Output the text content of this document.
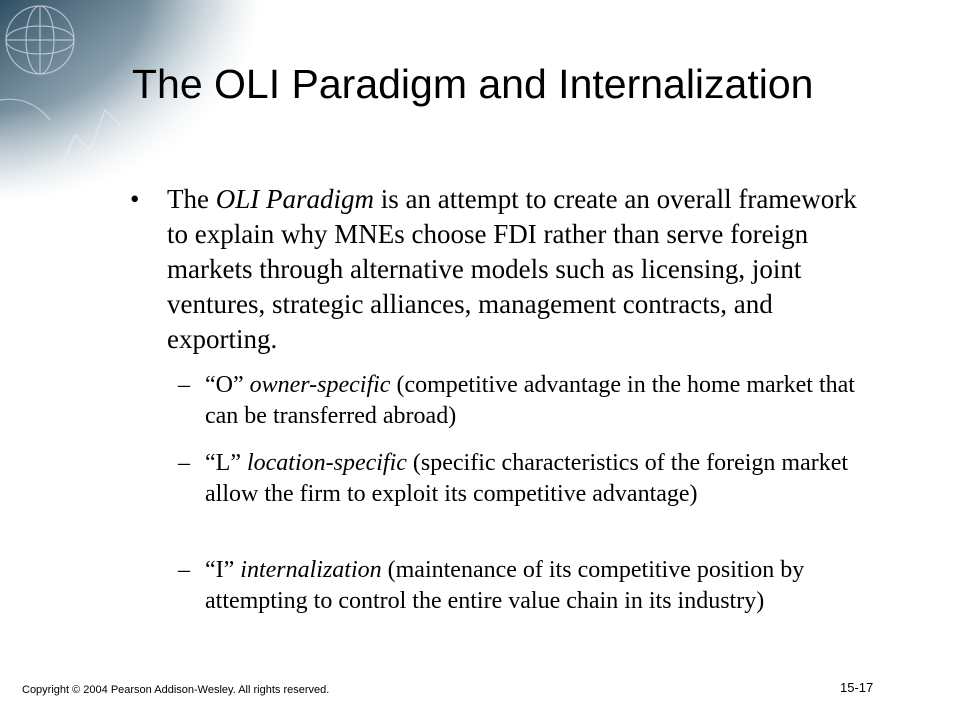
The OLI Paradigm and Internalization
• The OLI Paradigm is an attempt to create an overall framework to explain why MNEs choose FDI rather than serve foreign markets through alternative models such as licensing, joint ventures, strategic alliances, management contracts, and exporting.
– “O” owner-specific (competitive advantage in the home market that can be transferred abroad)
– “L” location-specific (specific characteristics of the foreign market allow the firm to exploit its competitive advantage)
– “I” internalization (maintenance of its competitive position by attempting to control the entire value chain in its industry)
Copyright © 2004 Pearson Addison-Wesley. All rights reserved.	15-17
